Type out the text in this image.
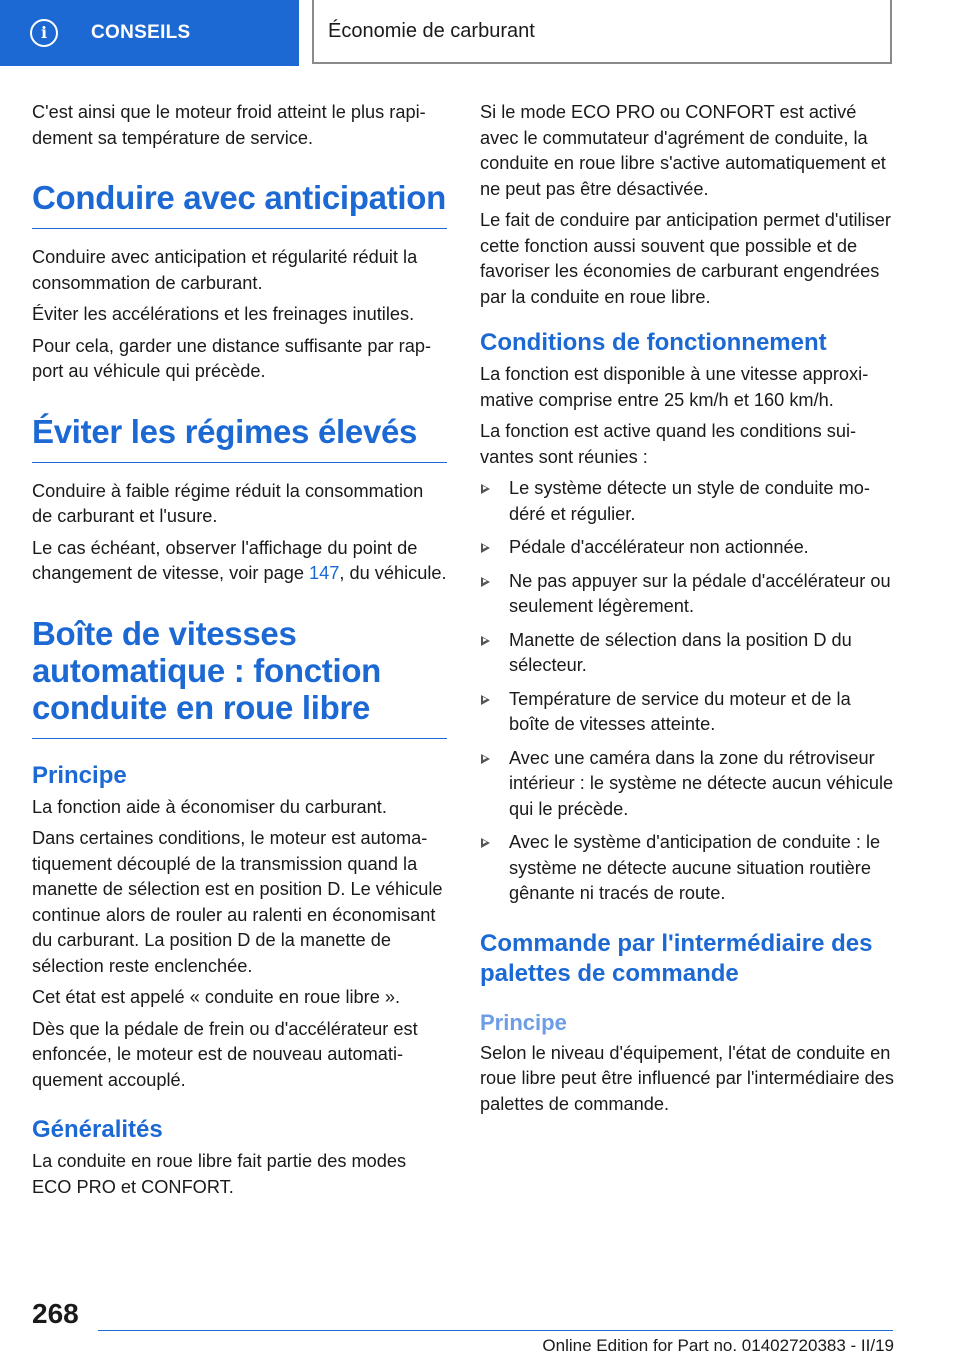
i	CONSEILS	Économie de carburant

C'est ainsi que le moteur froid atteint le plus rapidement sa température de service.

Conduire avec anticipation

Conduire avec anticipation et régularité réduit la consommation de carburant.

Éviter les accélérations et les freinages inutiles.

Pour cela, garder une distance suffisante par rapport au véhicule qui précède.

Éviter les régimes élevés

Conduire à faible régime réduit la consommation de carburant et l'usure.

Le cas échéant, observer l'affichage du point de changement de vitesse, voir page 147, du véhicule.

Boîte de vitesses automatique : fonction conduite en roue libre
Principe

La fonction aide à économiser du carburant.

Dans certaines conditions, le moteur est automatiquement découplé de la transmission quand la manette de sélection est en position D. Le véhicule continue alors de rouler au ralenti en économisant du carburant. La position D de la manette de sélection reste enclenchée.

Cet état est appelé « conduite en roue libre ».

Dès que la pédale de frein ou d'accélérateur est enfoncée, le moteur est de nouveau automatiquement accouplé.

Généralités

La conduite en roue libre fait partie des modes ECO PRO et CONFORT.

Si le mode ECO PRO ou CONFORT est activé avec le commutateur d'agrément de conduite, la conduite en roue libre s'active automatiquement et ne peut pas être désactivée.

Le fait de conduire par anticipation permet d'utiliser cette fonction aussi souvent que possible et de favoriser les économies de carburant engendrées par la conduite en roue libre.

Conditions de fonctionnement

La fonction est disponible à une vitesse approximative comprise entre 25 km/h et 160 km/h.

La fonction est active quand les conditions suivantes sont réunies :

Le système détecte un style de conduite modéré et régulier.
Pédale d'accélérateur non actionnée.
Ne pas appuyer sur la pédale d'accélérateur ou seulement légèrement.
Manette de sélection dans la position D du sélecteur.
Température de service du moteur et de la boîte de vitesses atteinte.
Avec une caméra dans la zone du rétroviseur intérieur : le système ne détecte aucun véhicule qui le précède.
Avec le système d'anticipation de conduite : le système ne détecte aucune situation routière gênante ni tracés de route.
Commande par l'intermédiaire des palettes de commande
Principe

Selon le niveau d'équipement, l'état de conduite en roue libre peut être influencé par l'intermédiaire des palettes de commande.

268
Online Edition for Part no. 01402720383 - II/19
